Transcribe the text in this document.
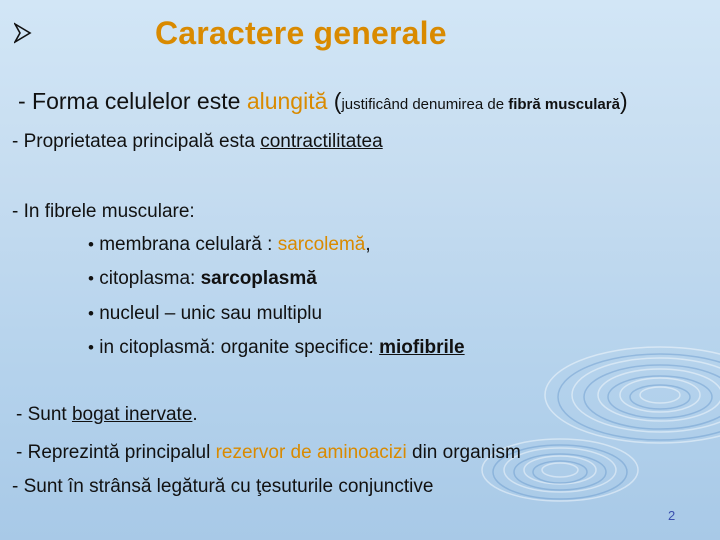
Caractere generale
- Forma celulelor este alungită (justificând denumirea de fibră musculară)
- Proprietatea principală esta contractilitatea
- In fibrele musculare:
• membrana celulară : sarcolemă,
• citoplasma: sarcoplasmă
• nucleul – unic sau multiplu
• in citoplasmă: organite specifice: miofibrile
- Sunt bogat inervate.
- Reprezintă principalul rezervor de aminoacizi din organism
- Sunt în strânsă legătură cu ţesuturile conjunctive
2
